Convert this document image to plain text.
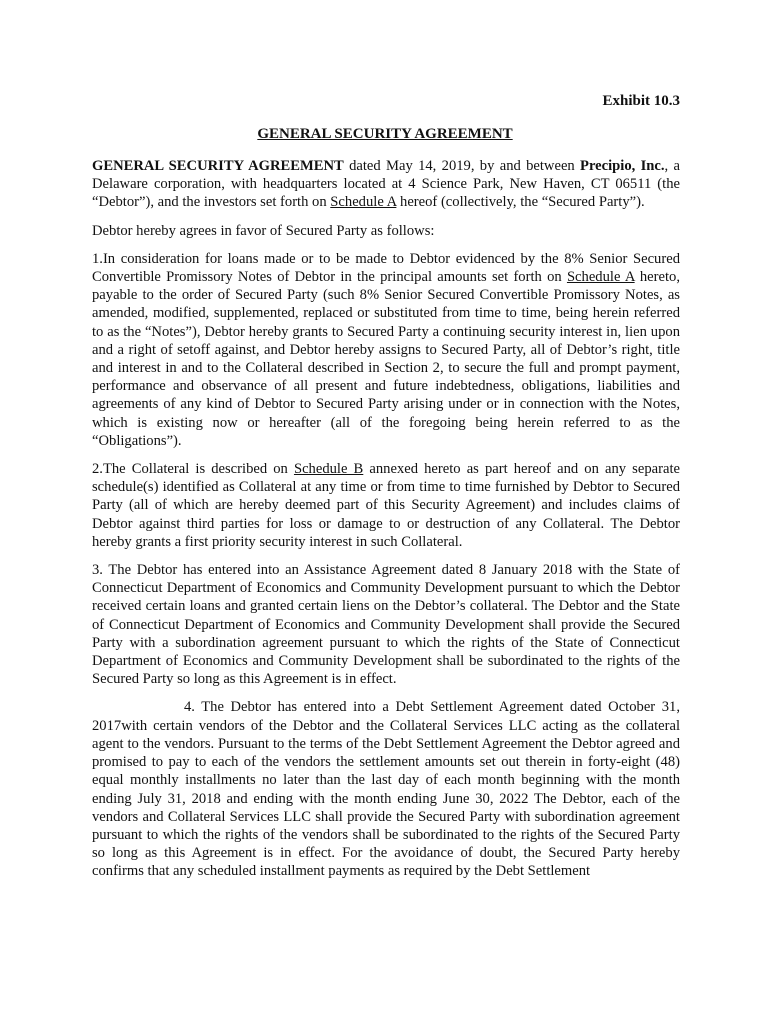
Exhibit 10.3
GENERAL SECURITY AGREEMENT

GENERAL SECURITY AGREEMENT dated May 14, 2019, by and between Precipio, Inc., a Delaware corporation, with headquarters located at 4 Science Park, New Haven, CT 06511 (the “Debtor”), and the investors set forth on Schedule A hereof (collectively, the “Secured Party”).

Debtor hereby agrees in favor of Secured Party as follows:

1.In consideration for loans made or to be made to Debtor evidenced by the 8% Senior Secured Convertible Promissory Notes of Debtor in the principal amounts set forth on Schedule A hereto, payable to the order of Secured Party (such 8% Senior Secured Convertible Promissory Notes, as amended, modified, supplemented, replaced or substituted from time to time, being herein referred to as the “Notes”), Debtor hereby grants to Secured Party a continuing security interest in, lien upon and a right of setoff against, and Debtor hereby assigns to Secured Party, all of Debtor’s right, title and interest in and to the Collateral described in Section 2, to secure the full and prompt payment, performance and observance of all present and future indebtedness, obligations, liabilities and agreements of any kind of Debtor to Secured Party arising under or in connection with the Notes, which is existing now or hereafter (all of the foregoing being herein referred to as the “Obligations”).

2.The Collateral is described on Schedule B annexed hereto as part hereof and on any separate schedule(s) identified as Collateral at any time or from time to time furnished by Debtor to Secured Party (all of which are hereby deemed part of this Security Agreement) and includes claims of Debtor against third parties for loss or damage to or destruction of any Collateral. The Debtor hereby grants a first priority security interest in such Collateral.

3. The Debtor has entered into an Assistance Agreement dated 8 January 2018 with the State of Connecticut Department of Economics and Community Development pursuant to which the Debtor received certain loans and granted certain liens on the Debtor’s collateral. The Debtor and the State of Connecticut Department of Economics and Community Development shall provide the Secured Party with a subordination agreement pursuant to which the rights of the State of Connecticut Department of Economics and Community Development shall be subordinated to the rights of the Secured Party so long as this Agreement is in effect.

4. The Debtor has entered into a Debt Settlement Agreement dated October 31, 2017with certain vendors of the Debtor and the Collateral Services LLC acting as the collateral agent to the vendors. Pursuant to the terms of the Debt Settlement Agreement the Debtor agreed and promised to pay to each of the vendors the settlement amounts set out therein in forty-eight (48) equal monthly installments no later than the last day of each month beginning with the month ending July 31, 2018 and ending with the month ending June 30, 2022 The Debtor, each of the vendors and Collateral Services LLC shall provide the Secured Party with subordination agreement pursuant to which the rights of the vendors shall be subordinated to the rights of the Secured Party so long as this Agreement is in effect. For the avoidance of doubt, the Secured Party hereby confirms that any scheduled installment payments as required by the Debt Settlement
